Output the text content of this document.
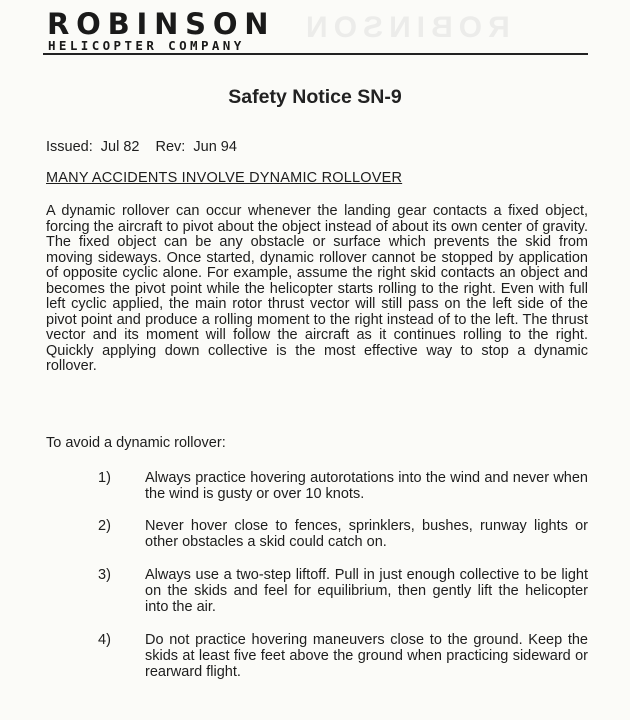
ROBINSON
ROBINSON
HELICOPTER COMPANY
Safety Notice SN-9
Issued: Jul 82 Rev: Jun 94
MANY ACCIDENTS INVOLVE DYNAMIC ROLLOVER
A dynamic rollover can occur whenever the landing gear contacts a fixed object, forcing the aircraft to pivot about the object instead of about its own center of gravity. The fixed object can be any obstacle or surface which prevents the skid from moving sideways. Once started, dynamic rollover cannot be stopped by application of opposite cyclic alone. For example, assume the right skid contacts an object and becomes the pivot point while the helicopter starts rolling to the right. Even with full left cyclic applied, the main rotor thrust vector will still pass on the left side of the pivot point and produce a rolling moment to the right instead of to the left. The thrust vector and its moment will follow the aircraft as it continues rolling to the right. Quickly applying down collective is the most effective way to stop a dynamic rollover.
To avoid a dynamic rollover:
1) Always practice hovering autorotations into the wind and never when the wind is gusty or over 10 knots.
2) Never hover close to fences, sprinklers, bushes, runway lights or other obstacles a skid could catch on.
3) Always use a two-step liftoff. Pull in just enough collective to be light on the skids and feel for equilibrium, then gently lift the helicopter into the air.
4) Do not practice hovering maneuvers close to the ground. Keep the skids at least five feet above the ground when practicing sideward or rearward flight.
